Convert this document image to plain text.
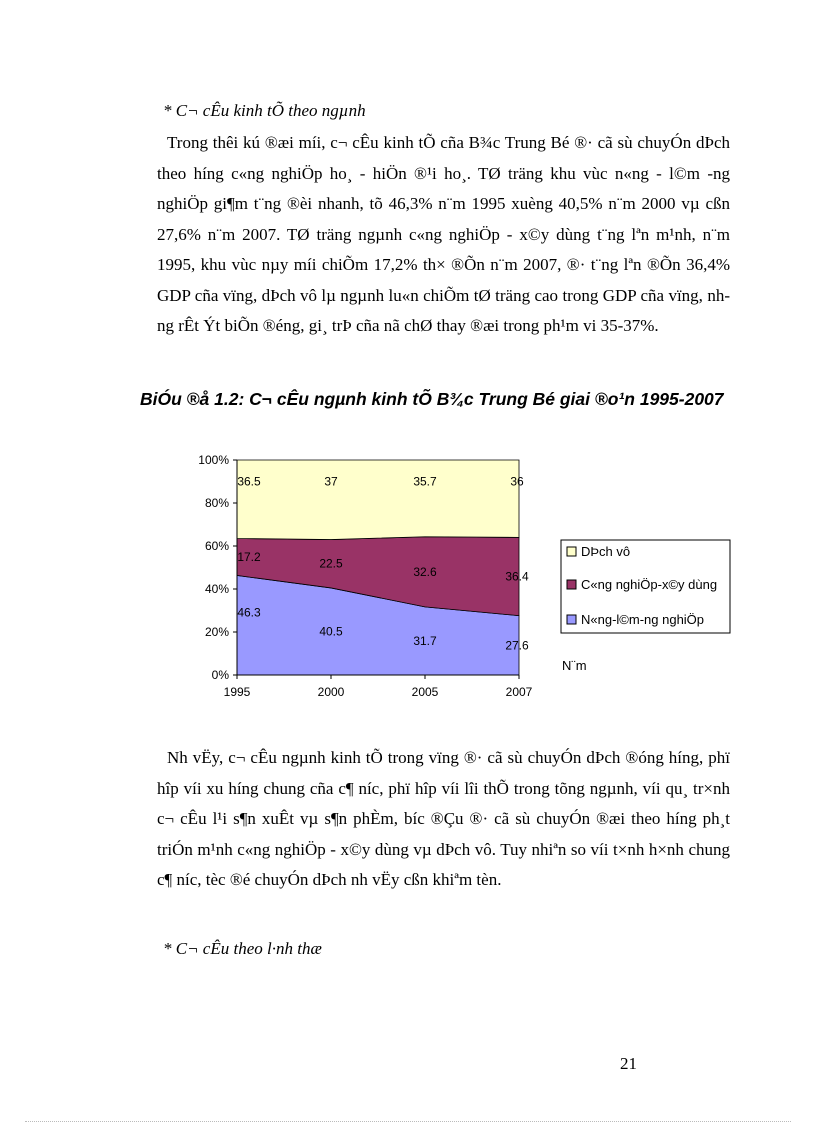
* C¬ cÊu kinh tÕ theo ngµnh
Trong thêi kú ®æi míi, c¬ cÊu kinh tÕ cña B¾c Trung Bé ®· cã sù chuyÓn dÞch theo híng c«ng nghiÖp ho¸ - hiÖn ®¹i ho¸. TØ träng khu vùc n«ng - l©m -ng nghiÖp gi¶m t¨ng ®èi nhanh, tõ 46,3% n¨m 1995 xuèng 40,5% n¨m 2000 vµ cßn 27,6% n¨m 2007. TØ träng ngµnh c«ng nghiÖp - x©y dùng t¨ng lªn m¹nh, n¨m 1995, khu vùc nµy míi chiÕm 17,2% th× ®Õn n¨m 2007, ®· t¨ng lªn ®Õn 36,4% GDP cña vïng, dÞch vô lµ ngµnh lu«n chiÕm tØ träng cao trong GDP cña vïng, nhng rÊt Ýt biÕn ®éng, gi¸ trÞ cña nã chØ thay ®æi trong ph¹m vi 35-37%.
BiÓu ®å 1.2: C¬ cÊu ngµnh kinh tÕ B¾c Trung Bé giai ®o¹n 1995-2007
46.3
40.5
31.7	27.6
17.2	22.5
32.6	36.4
36.5	37	35.7	36
0%
20%
40%
60%
80%
100%
1995	2000	2005	2007
N¨m
DÞch vô
C«ng nghiÖp-x©y dùng
N«ng-l©m-ng nghiÖp
Nh vËy, c¬ cÊu ngµnh kinh tÕ trong vïng ®· cã sù chuyÓn dÞch ®óng híng, phï hîp víi xu híng chung cña c¶ níc, phï hîp víi lîi thÕ trong tõng ngµnh, víi qu¸ tr×nh c¬ cÊu l¹i s¶n xuÊt vµ s¶n phÈm, bíc ®Çu ®· cã sù chuyÓn ®æi theo híng ph¸t triÓn m¹nh c«ng nghiÖp - x©y dùng vµ dÞch vô. Tuy nhiªn so víi t×nh h×nh chung c¶ níc, tèc ®é chuyÓn dÞch nh vËy cßn khiªm tèn.
* C¬ cÊu theo l·nh thæ
21
